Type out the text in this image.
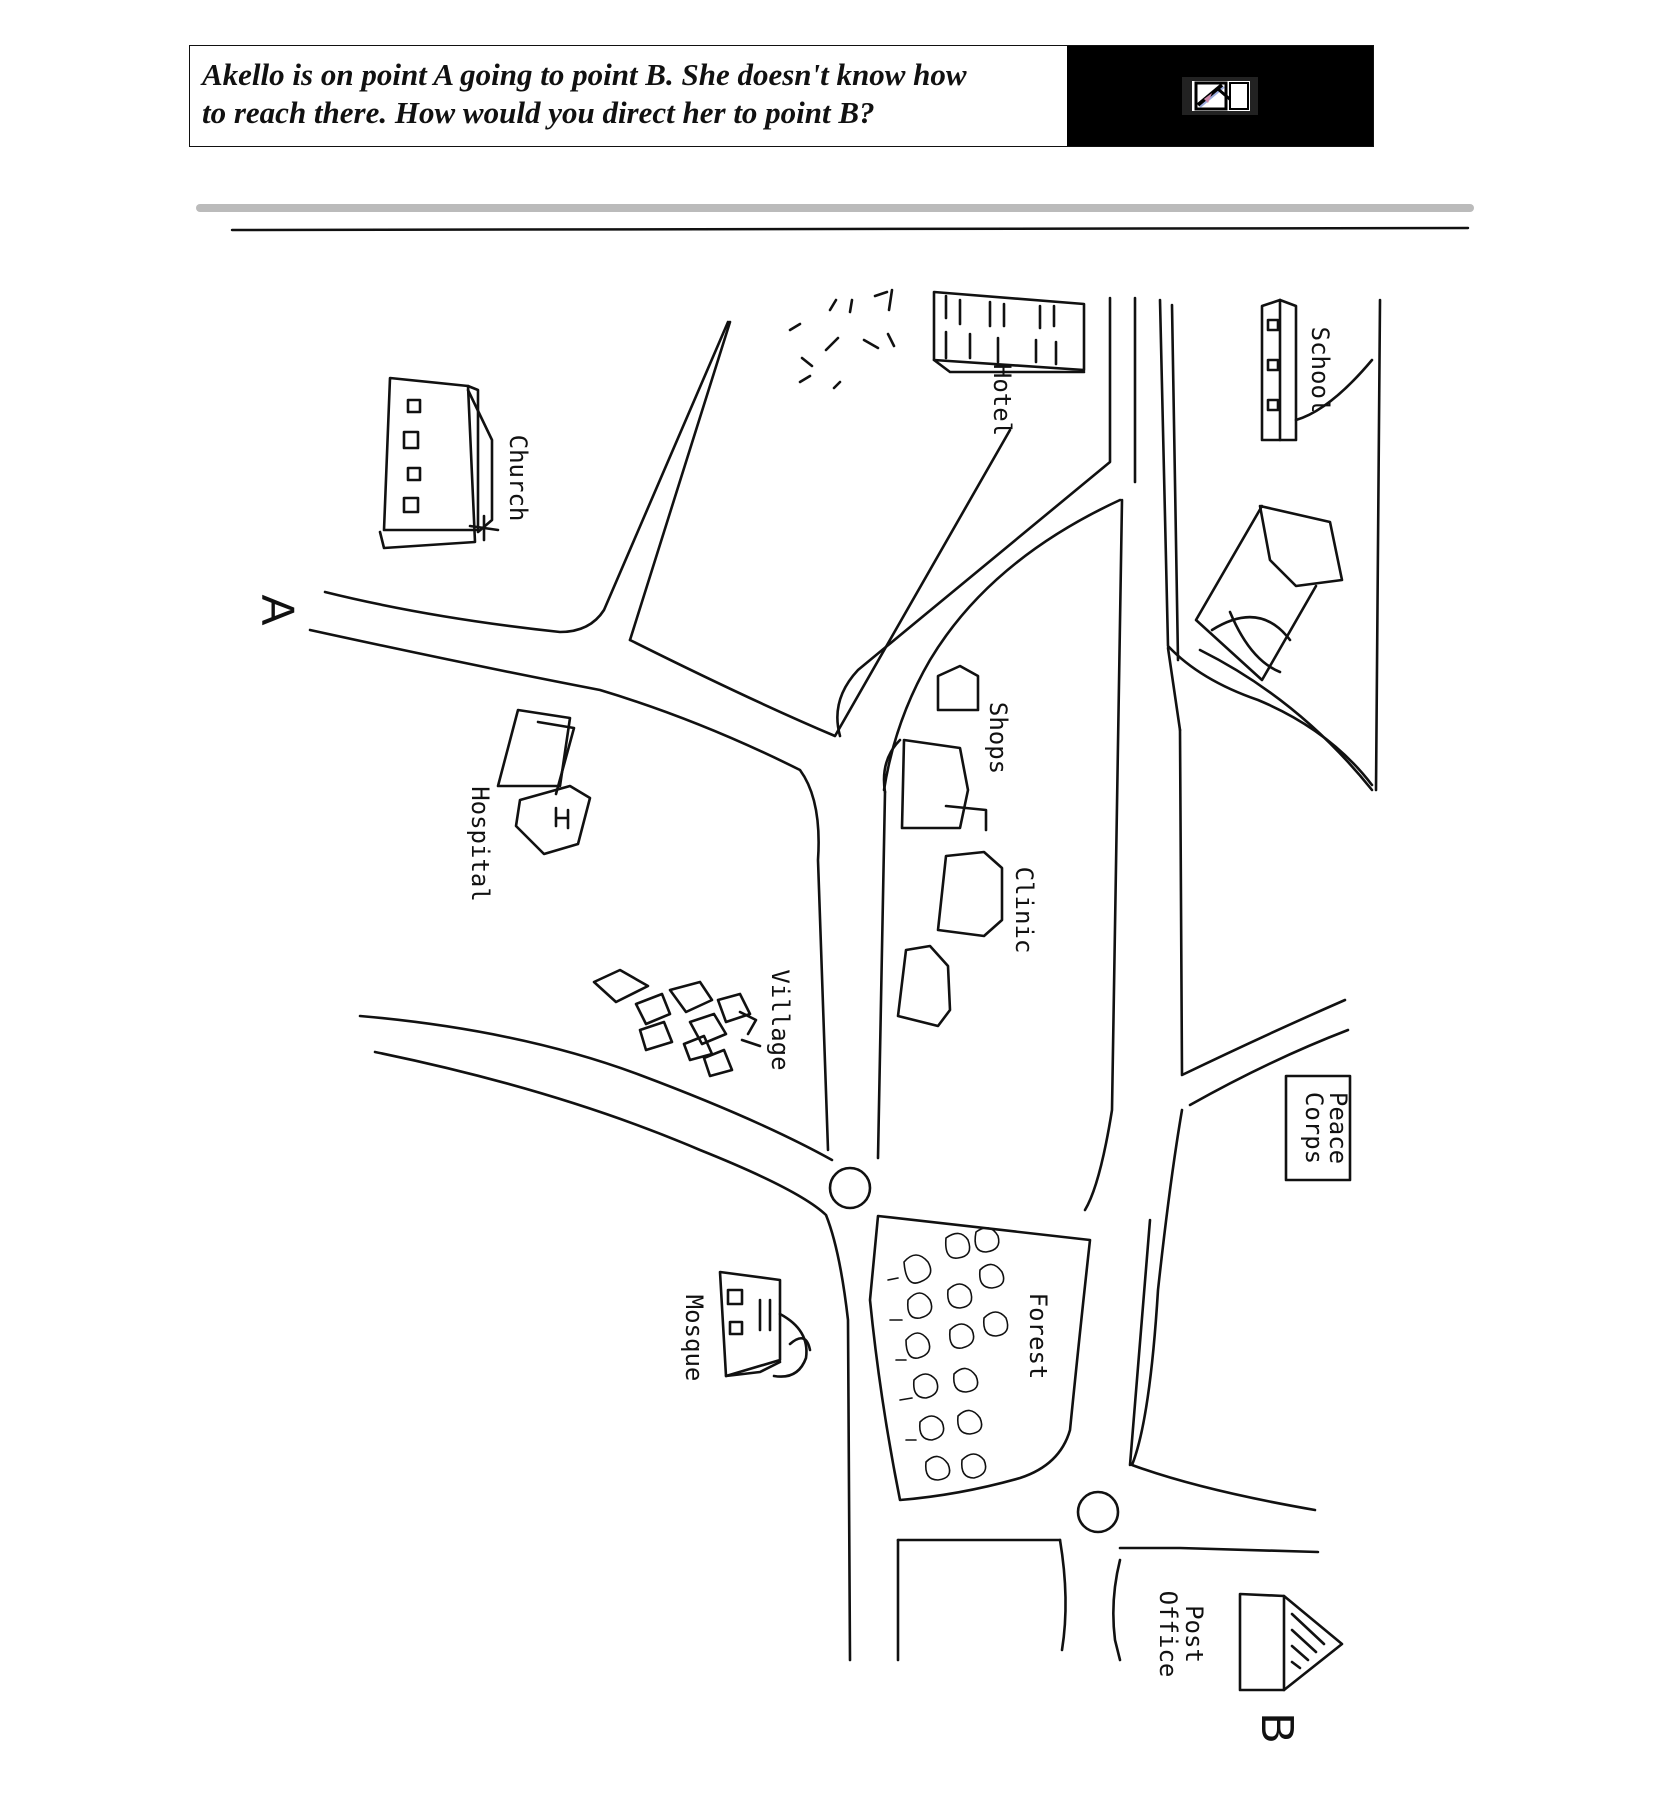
Akello is on point A going to point B. She doesn't know how
to reach there. How would you direct her to point B?
A
B
School
Hotel
Church
Shops
Hospital
Clinic
Village
Peace
Corps
Forest
Mosque
Post
Office
